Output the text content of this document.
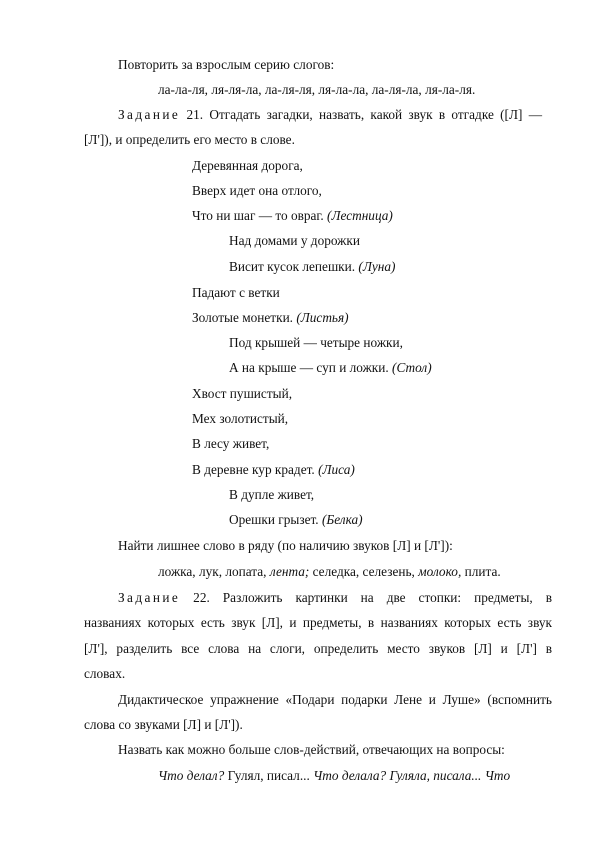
Повторить за взрослым серию слогов:
ла-ла-ля, ля-ля-ла, ла-ля-ля, ля-ла-ла, ла-ля-ла, ля-ла-ля.
Задание 21. Отгадать загадки, назвать, какой звук в отгадке ([Л] —
[Л']), и определить его место в слове.
Деревянная дорога,
Вверх идет она отлого,
Что ни шаг — то овраг. (Лестница)
Над домами у дорожки
Висит кусок лепешки. (Луна)
Падают с ветки
Золотые монетки. (Листья)
Под крышей — четыре ножки,
А на крыше — суп и ложки. (Стол)
Хвост пушистый,
Мех золотистый,
В лесу живет,
В деревне кур крадет. (Лиса)
В дупле живет,
Орешки грызет. (Белка)
Найти лишнее слово в ряду (по наличию звуков [Л] и [Л']):
ложка, лук, лопата, лента; селедка, селезень, молоко, плита.
Задание 22. Разложить картинки на две стопки: предметы, в
названиях которых есть звук [Л], и предметы, в названиях которых есть звук
[Л'], разделить все слова на слоги, определить место звуков [Л] и [Л'] в
словах.
Дидактическое упражнение «Подари подарки Лене и Луше» (вспомнить
слова со звуками [Л] и [Л']).
Назвать как можно больше слов-действий, отвечающих на вопросы:
Что делал? Гулял, писал... Что делала? Гуляла, писала... Что
